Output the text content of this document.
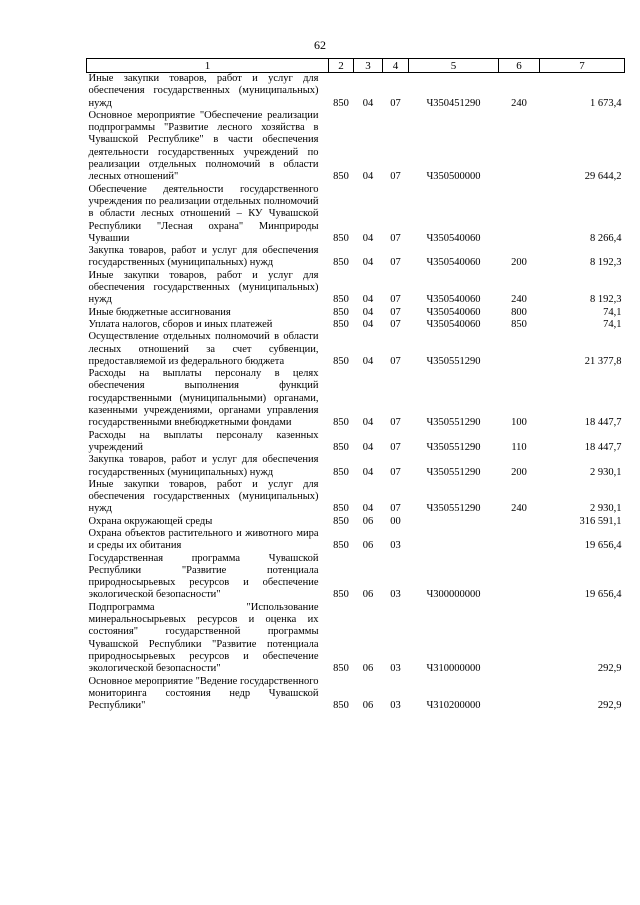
62
1	2	3	4	5	6	7
Иные закупки товаров, работ и услуг для обеспечения государственных (муниципальных) нужд	850	04	07	Ч350451290	240	1 673,4
Основное мероприятие "Обеспечение реализации подпрограммы "Развитие лесного хозяйства в Чувашской Республике" в части обеспечения деятельности государственных учреждений по реализации отдельных полномочий в области лесных отношений"	850	04	07	Ч350500000		29 644,2
Обеспечение деятельности государственного учреждения по реализации отдельных полномочий в области лесных отношений – КУ Чувашской Республики "Лесная охрана" Минприроды Чувашии	850	04	07	Ч350540060		8 266,4
Закупка товаров, работ и услуг для обеспечения государственных (муниципальных) нужд	850	04	07	Ч350540060	200	8 192,3
Иные закупки товаров, работ и услуг для обеспечения государственных (муниципальных) нужд	850	04	07	Ч350540060	240	8 192,3
Иные бюджетные ассигнования	850	04	07	Ч350540060	800	74,1
Уплата налогов, сборов и иных платежей	850	04	07	Ч350540060	850	74,1
Осуществление отдельных полномочий в области лесных отношений за счет субвенции, предоставляемой из федерального бюджета	850	04	07	Ч350551290		21 377,8
Расходы на выплаты персоналу в целях обеспечения выполнения функций государственными (муниципальными) органами, казенными учреждениями, органами управления государственными внебюджетными фондами	850	04	07	Ч350551290	100	18 447,7
Расходы на выплаты персоналу казенных учреждений	850	04	07	Ч350551290	110	18 447,7
Закупка товаров, работ и услуг для обеспечения государственных (муниципальных) нужд	850	04	07	Ч350551290	200	2 930,1
Иные закупки товаров, работ и услуг для обеспечения государственных (муниципальных) нужд	850	04	07	Ч350551290	240	2 930,1
Охрана окружающей среды	850	06	00			316 591,1
Охрана объектов растительного и животного мира и среды их обитания	850	06	03			19 656,4
Государственная программа Чувашской Республики "Развитие потенциала природносырьевых ресурсов и обеспечение экологической безопасности"	850	06	03	Ч300000000		19 656,4
Подпрограмма "Использование минеральносырьевых ресурсов и оценка их состояния" государственной программы Чувашской Республики "Развитие потенциала природносырьевых ресурсов и обеспечение экологической безопасности"	850	06	03	Ч310000000		292,9
Основное мероприятие "Ведение государственного мониторинга состояния недр Чувашской Республики"	850	06	03	Ч310200000		292,9
